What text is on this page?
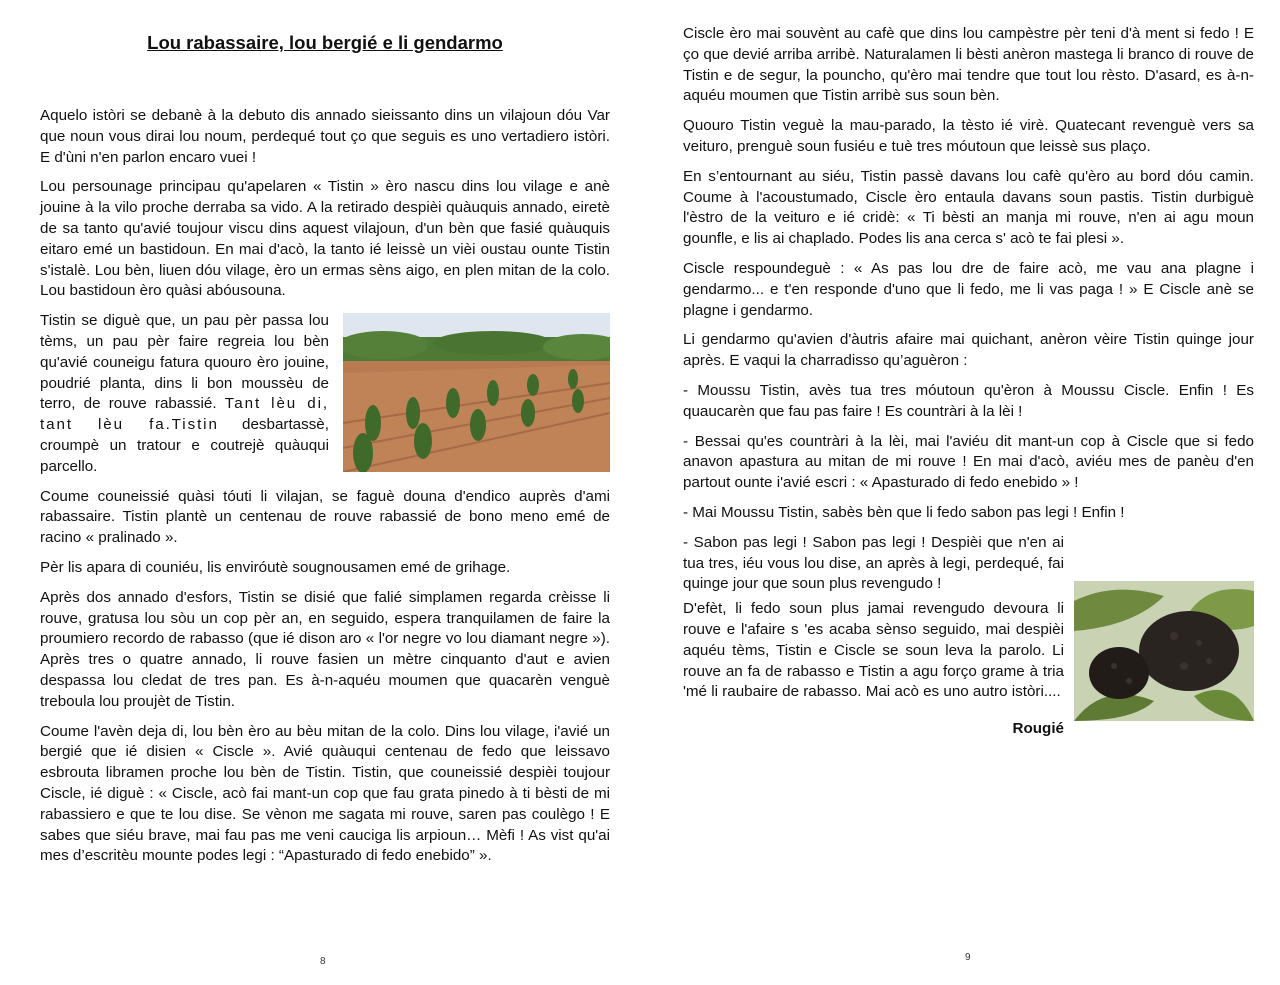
Lou rabassaire, lou bergié e li gendarmo

Aquelo istòri se debanè à la debuto dis annado sieissanto dins un vilajoun dóu Var que noun vous dirai lou noum, perdequé tout ço que seguis es uno vertadiero istòri. E d'ùni n'en parlon encaro vuei !

Lou persounage principau qu'apelaren « Tistin » èro nascu dins lou vilage e anè jouine à la vilo proche derraba sa vido. A la retirado despièi quàuquis annado, eiretè de sa tanto qu'avié toujour viscu dins aquest vilajoun, d'un bèn que fasié quàuquis eitaro emé un bastidoun. En mai d'acò, la tanto ié leissè un vièi oustau ounte Tistin s'istalè. Lou bèn, liuen dóu vilage, èro un ermas sèns aigo, en plen mitan de la colo. Lou bastidoun èro quàsi abóusouna.

Tistin se diguè que, un pau pèr passa lou tèms, un pau pèr faire regreia lou bèn qu'avié couneigu fatura quouro èro jouine, poudrié planta, dins li bon moussèu de terro, de rouve rabassié. Tant lèu di, tant lèu fa.Tistin desbartassè, croumpè un tratour e coutrejè quàuqui parcello.

Coume couneissié quàsi tóuti li vilajan, se faguè douna d'endico auprès d'ami rabassaire. Tistin plantè un centenau de rouve rabassié de bono meno emé de racino « pralinado ».

Pèr lis apara di couniéu, lis enviróutè sougnousamen emé de grihage.

Après dos annado d'esfors, Tistin se disié que falié simplamen regarda crèisse li rouve, gratusa lou sòu un cop pèr an, en seguido, espera tranquilamen de faire la proumiero recordo de rabasso (que ié dison aro « l'or negre vo lou diamant negre »). Après tres o quatre annado, li rouve fasien un mètre cinquanto d'aut e avien despassa lou cledat de tres pan. Es à-n-aquéu moumen que quacarèn venguè treboula lou proujèt de Tistin.

Coume l'avèn deja di, lou bèn èro au bèu mitan de la colo. Dins lou vilage, i'avié un bergié que ié disien « Ciscle ». Avié quàuqui centenau de fedo que leissavo esbrouta libramen proche lou bèn de Tistin. Tistin, que couneissié despièi toujour Ciscle, ié diguè : « Ciscle, acò fai mant-un cop que fau grata pinedo à ti bèsti de mi rabassiero e que te lou dise. Se vènon me sagata mi rouve, saren pas coulègo ! E sabes que siéu brave, mai fau pas me veni cauciga lis arpioun… Mèfi ! As vist qu'ai mes d’escritèu mounte podes legi : “Apasturado di fedo enebido” ».

8

Ciscle èro mai souvènt au cafè que dins lou campèstre pèr teni d'à ment si fedo ! E ço que devié arriba arribè. Naturalamen li bèsti anèron mastega li branco di rouve de Tistin e de segur, la pouncho, qu'èro mai tendre que tout lou rèsto. D'asard, es à-n-aquéu moumen que Tistin arribè sus soun bèn.

Quouro Tistin veguè la mau-parado, la tèsto ié virè. Quatecant revenguè vers sa veituro, prenguè soun fusiéu e tuè tres móutoun que leissè sus plaço.

En s’entournant au siéu, Tistin passè davans lou cafè qu'èro au bord dóu camin. Coume à l'acoustumado, Ciscle èro entaula davans soun pastis. Tistin durbiguè l'èstro de la veituro e ié cridè: « Ti bèsti an manja mi rouve, n'en ai agu moun gounfle, e lis ai chaplado. Podes lis ana cerca s' acò te fai plesi ».

Ciscle respoundeguè : « As pas lou dre de faire acò, me vau ana plagne i gendarmo... e t'en responde d'uno que li fedo, me li vas paga ! » E Ciscle anè se plagne i gendarmo.

Li gendarmo qu'avien d'àutris afaire mai quichant, anèron vèire Tistin quinge jour après. E vaqui la charradisso qu’aguèron :

- Moussu Tistin, avès tua tres móutoun qu'èron à Moussu Ciscle. Enfin ! Es quaucarèn que fau pas faire ! Es countràri à la lèi !

- Bessai qu'es countràri à la lèi, mai l'aviéu dit mant-un cop à Ciscle que si fedo anavon apastura au mitan de mi rouve ! En mai d'acò, aviéu mes de panèu d'en partout ounte i'avié escri : « Apasturado di fedo enebido » !

- Mai Moussu Tistin, sabès bèn que li fedo sabon pas legi ! Enfin !

- Sabon pas legi ! Sabon pas legi ! Despièi que n'en ai tua tres, iéu vous lou dise, an après à legi, perdequé, fai quinge jour que soun plus revengudo !

D'efèt, li fedo soun plus jamai revengudo devoura li rouve e l'afaire s 'es acaba sènso seguido, mai despièi aquéu tèms, Tistin e Ciscle se soun leva la parolo. Li rouve an fa de rabasso e Tistin a agu forço grame à tria 'mé li raubaire de rabasso. Mai acò es uno autro istòri....

Rougié
9
